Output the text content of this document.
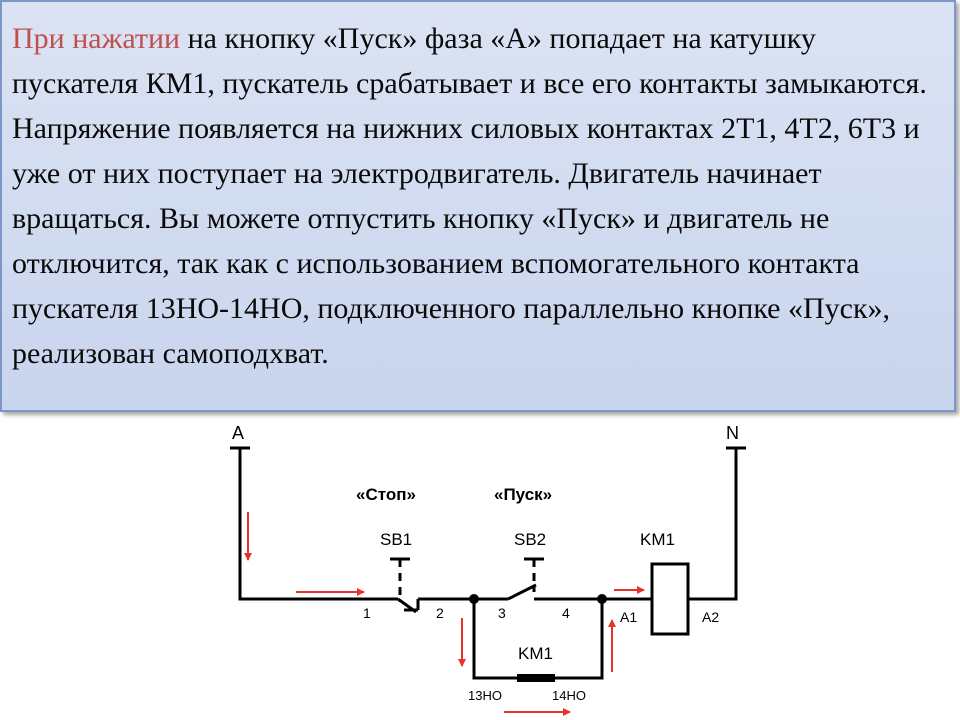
При нажатии на кнопку «Пуск» фаза «А» попадает на катушку пускателя КМ1, пускатель срабатывает и все его контакты замыкаются. Напряжение появляется на нижних силовых контактах 2Т1, 4Т2, 6Т3 и уже от них поступает на электродвигатель. Двигатель начинает вращаться. Вы можете отпустить кнопку «Пуск» и двигатель не отключится, так как с использованием вспомогательного контакта пускателя 13НО-14НО, подключенного параллельно кнопке «Пуск», реализован самоподхват.
A	N
«Стоп»	«Пуск»
SB1	SB2	KM1
1	2	3	4	A1	A2
KM1
13НО	14НО
